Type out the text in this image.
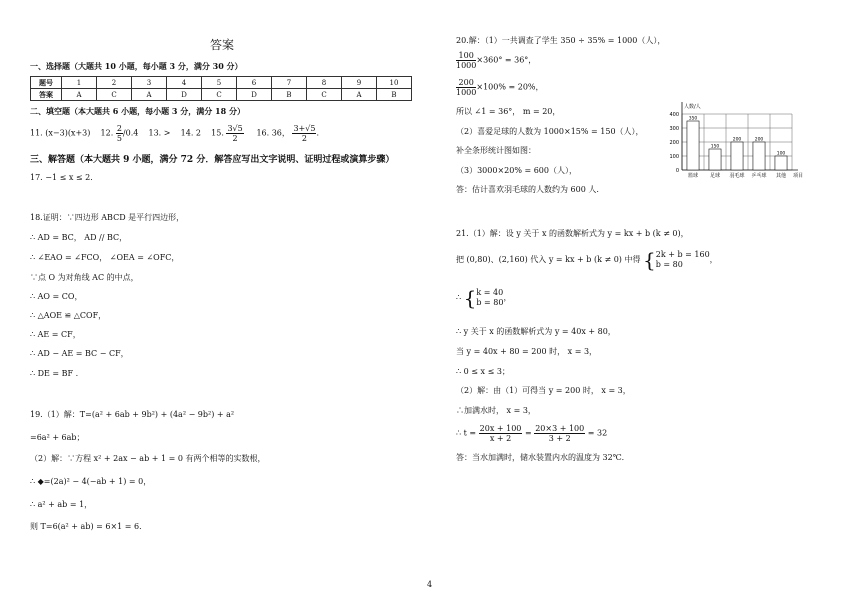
答案
一、选择题（大题共 10 小题，每小题 3 分，满分 30 分）
题号	1	2	3	4	5	6	7	8	9	10
答案	A	C	A	D	C	D	B	C	A	B
二、填空题（本大题共 6 小题，每小题 3 分，满分 18 分）
11. (x−3)(x+3) 12. $\frac{2}{5} /0.4$ 13. > 14. 2 15. $\frac{3√5}{2} 16$. 36， $\frac{3+√5}{2}$ .
三、解答题（本大题共 9 小题，满分 72 分．解答应写出文字说明、证明过程或演算步骤）
17. −1 ≤ x ≤ 2．
18.证明：∵四边形 ABCD 是平行四边形，
∴ AD = BC， AD // BC，
∴ ∠EAO = ∠FCO， ∠OEA = ∠OFC，
∵点 O 为对角线 AC 的中点，
∴ AO = CO，
∴ △AOE ≌ △COF，
∴ AE = CF，
∴ AD − AE = BC − CF，
∴ DE = BF .
19.（1）解：T=(a² + 6ab + 9b²) + (4a² − 9b²) + a²
=6a² + 6ab；
（2）解：∵方程 x² + 2ax − ab + 1 = 0 有两个相等的实数根，
∴ ◆=(2a)² − 4(−ab + 1) = 0，
∴ a² + ab = 1，
则 T=6(a² + ab) = 6×1 = 6．
20.解：（1）一共调查了学生 350 ÷ 35% = 1000（人），
$\frac{100}{1000} \times 360^\circ = 36^\circ$，
$\frac{200}{1000} \times 100\% = 20\%$，
所以 ∠1 = 36°， m = 20，
（2）喜爱足球的人数为 1000×15% = 150（人），
补全条形统计图如图：
（3）3000×20% = 600（人），
答：估计喜欢羽毛球的人数约为 600 人.
0
100
200
300
400
人数/人
350
篮球
150
足球
200
羽毛球
200
乒乓球
100
其他 项目
21.（1）解：设 y 关于 x 的函数解析式为 y = kx + b (k ≠ 0)，
把 (0,80)、(2,160) 代入 y = kx + b (k ≠ 0) 中得 { 2k + b = 160
b = 80
，
∴ { k = 40
b = 80
，
∴ y 关于 x 的函数解析式为 y = 40x + 80，
当 y = 40x + 80 = 200 时， x = 3，
∴ 0 ≤ x ≤ 3；
（2）解：由（1）可得当 y = 200 时， x = 3，
∴加满水时， x = 3，
∴ $t = \frac{20x + 100}{x + 2} = \frac{20\times 3 + 100}{3 + 2} = 32$
答：当水加满时，储水装置内水的温度为 32℃．
4
